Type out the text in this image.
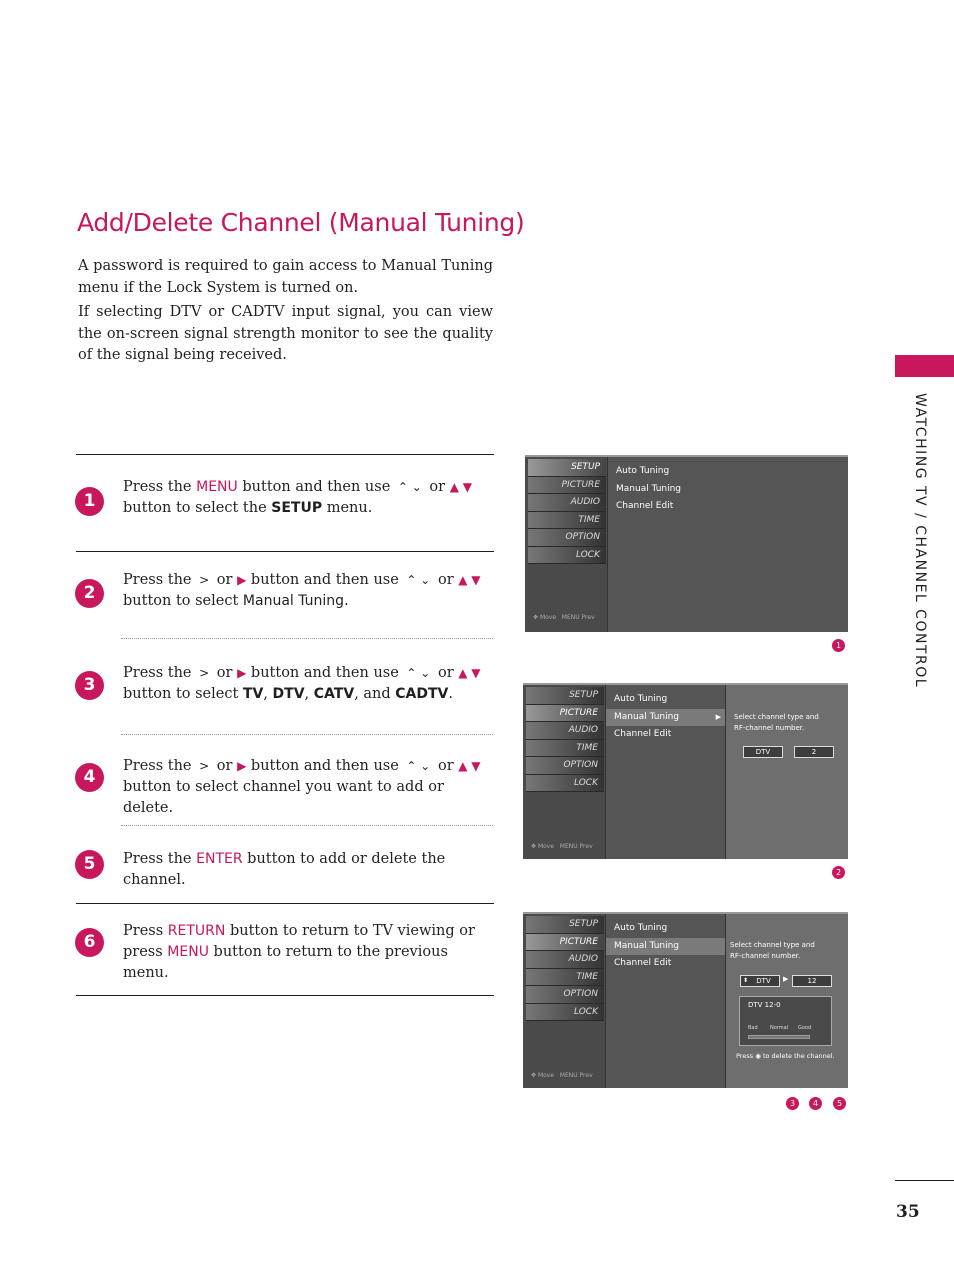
Add/Delete Channel (Manual Tuning)

A password is required to gain access to Manual Tuning menu if the Lock System is turned on.

If selecting DTV or CADTV input signal, you can view the on-screen signal strength monitor to see the quality of the signal being received.

WATCHING TV / CHANNEL CONTROL
35
1
Press the MENU button and then use ⌃ ⌄ or ▲ ▼
button to select the SETUP menu.
2
Press the > or ▶ button and then use ⌃ ⌄ or ▲ ▼
button to select Manual Tuning.
3
Press the > or ▶ button and then use ⌃ ⌄ or ▲ ▼
button to select TV, DTV, CATV, and CADTV.
4
Press the > or ▶ button and then use ⌃ ⌄ or ▲ ▼
button to select channel you want to add or delete.
5	Press the ENTER button to add or delete the channel.
6
Press RETURN button to return to TV viewing or press MENU button to return to the previous menu.
SETUP
PICTURE
AUDIO
TIME
OPTION
LOCK
✥ Move MENU Prev
Auto Tuning
Manual Tuning
Channel Edit
1
SETUP
PICTURE
AUDIO
TIME
OPTION
LOCK
✥ Move MENU Prev
Auto Tuning
Manual Tuning	▶
Channel Edit
Select channel type and
RF-channel number.
DTV	2
2
SETUP
PICTURE
AUDIO
TIME
OPTION
LOCK
✥ Move MENU Prev
Auto Tuning
Manual Tuning
Channel Edit
Select channel type and
RF-channel number.
⬍ DTV	▶	12
DTV 12-0
Bad Normal Good
Press ◉ to delete the channel.
3	4	5
